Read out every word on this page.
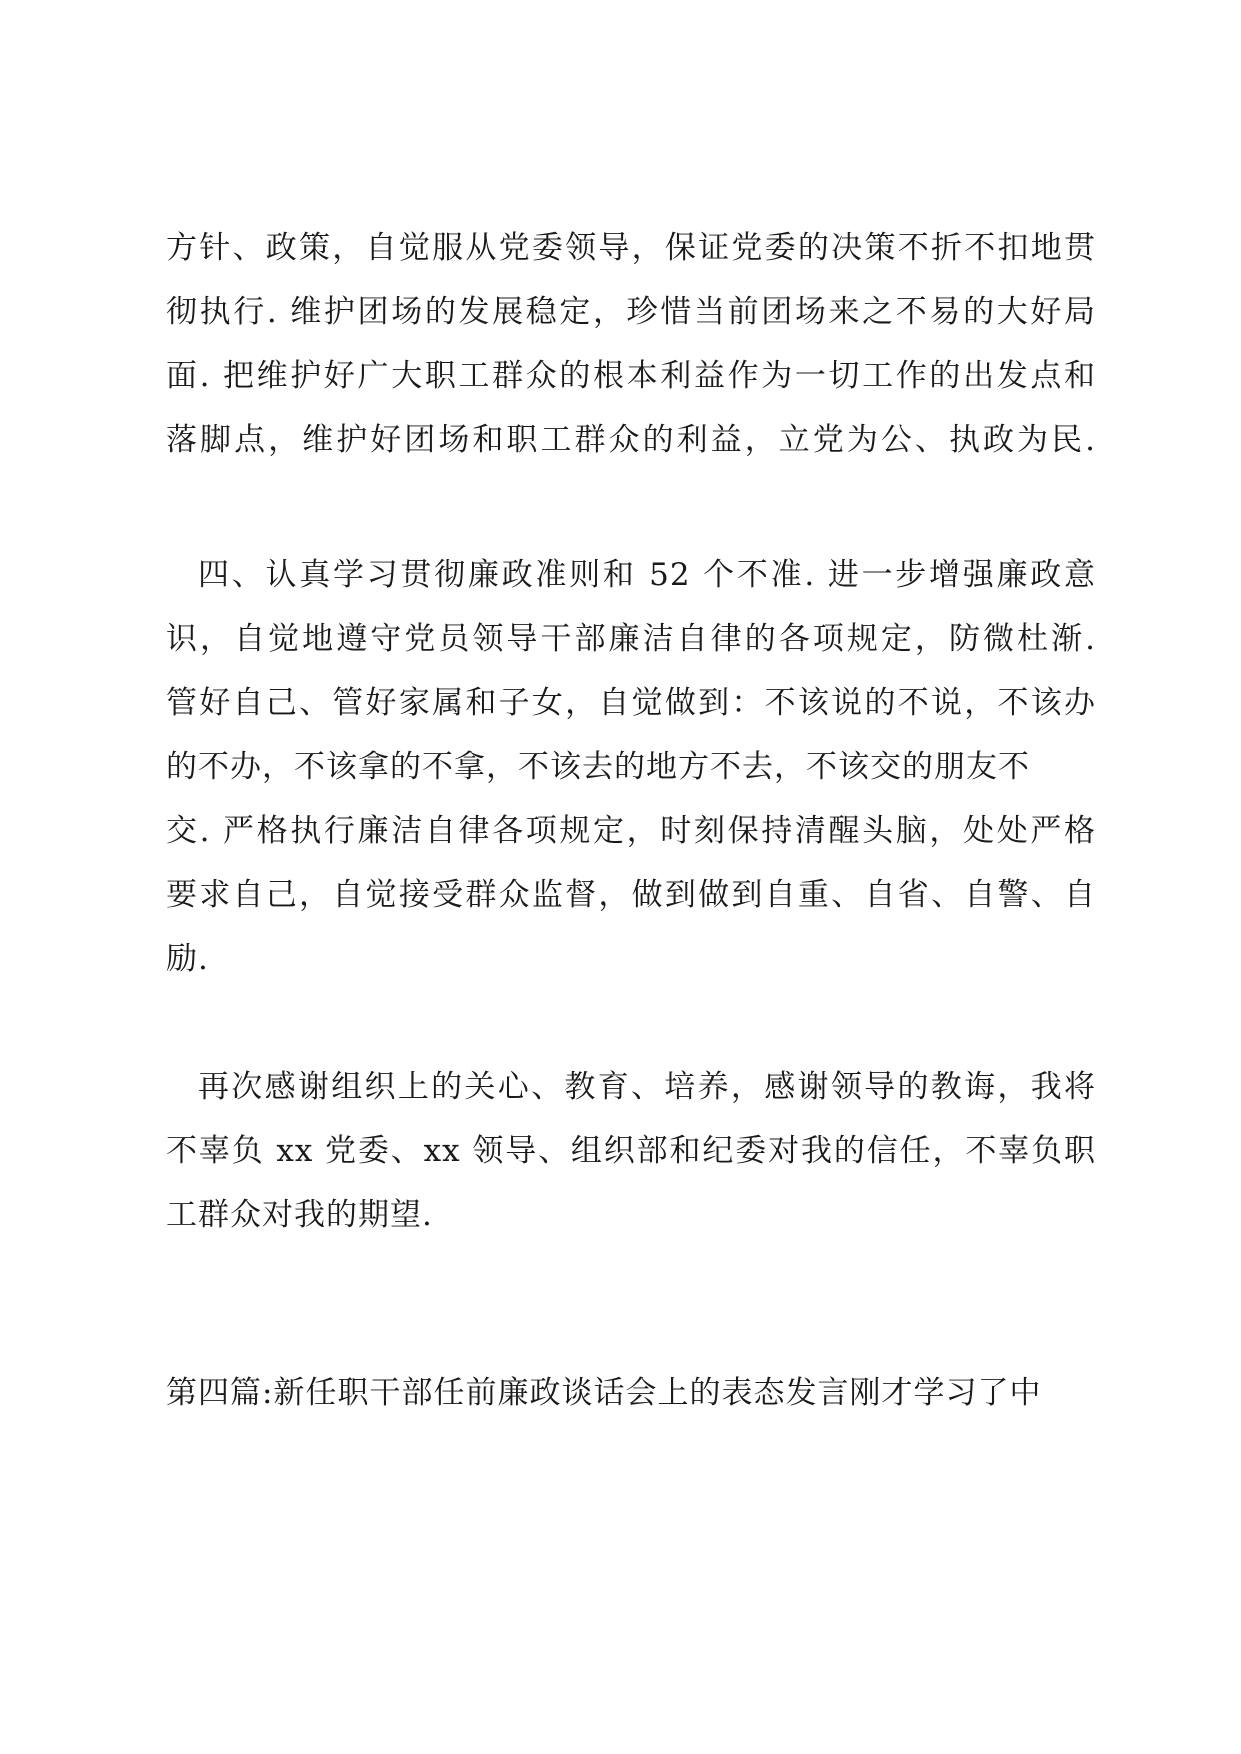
方针、政策，自觉服从党委领导，保证党委的决策不折不扣地贯
彻执行. 维护团场的发展稳定，珍惜当前团场来之不易的大好局
面. 把维护好广大职工群众的根本利益作为一切工作的出发点和
落脚点，维护好团场和职工群众的利益，立党为公、执政为民.
四、认真学习贯彻廉政准则和 52 个不准. 进一步增强廉政意
识，自觉地遵守党员领导干部廉洁自律的各项规定，防微杜渐.
管好自己、管好家属和子女，自觉做到：不该说的不说，不该办
的不办，不该拿的不拿，不该去的地方不去，不该交的朋友不
交. 严格执行廉洁自律各项规定，时刻保持清醒头脑，处处严格
要求自己，自觉接受群众监督，做到做到自重、自省、自警、自
励.
再次感谢组织上的关心、教育、培养，感谢领导的教诲，我将
不辜负 xx 党委、xx 领导、组织部和纪委对我的信任，不辜负职
工群众对我的期望.
第四篇:新任职干部任前廉政谈话会上的表态发言刚才学习了中
